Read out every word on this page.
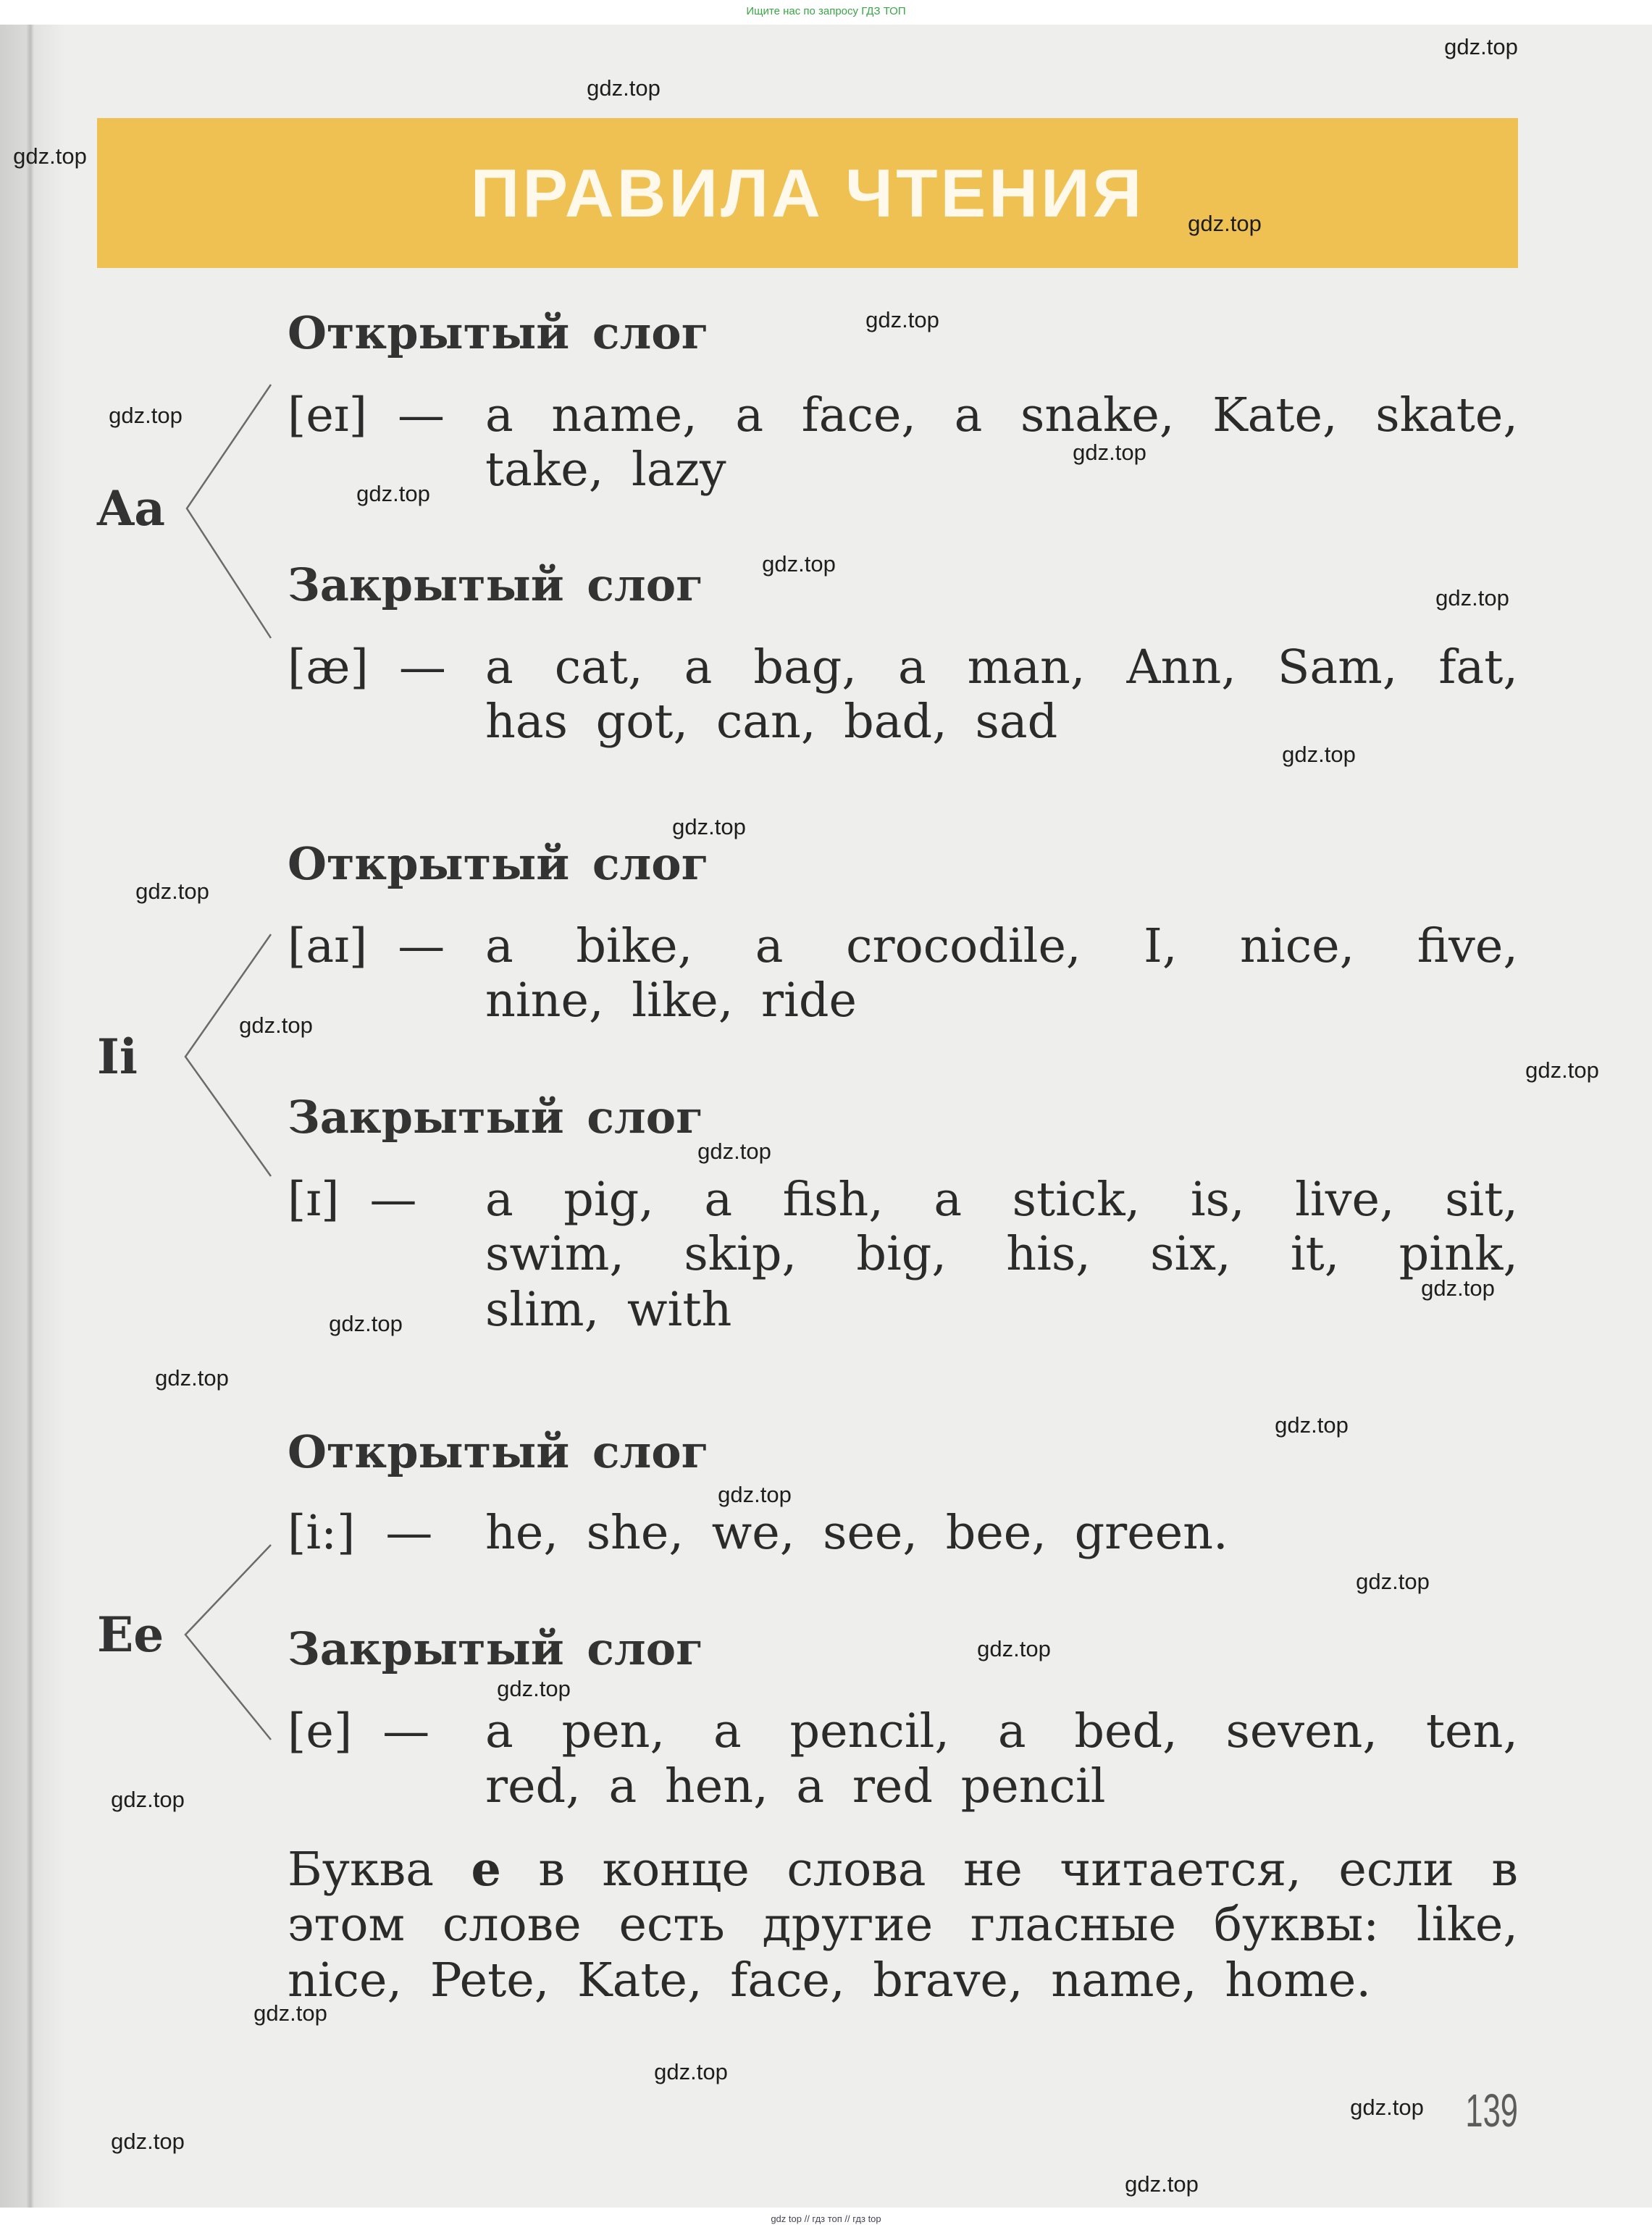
Ищите нас по запросу ГДЗ ТОП
ПРАВИЛА ЧТЕНИЯ
Aa
Открытый слог
[eɪ] — a name, a face, a snake, Kate, skate,
take, lazy
Закрытый слог
[æ] — a cat, a bag, a man, Ann, Sam, fat,
has got, can, bad, sad
Ii
Открытый слог
[aɪ] — a bike, a crocodile, I, nice, five,
nine, like, ride
Закрытый слог
[ɪ] — a pig, a fish, a stick, is, live, sit,
swim, skip, big, his, six, it, pink,
slim, with
Ee
Открытый слог
[i:] — he, she, we, see, bee, green.
Закрытый слог
[e] — a pen, a pencil, a bed, seven, ten,
red, a hen, a red pencil
Буква e в конце слова не читается, если в
этом слове есть другие гласные буквы: like,
nice, Pete, Kate, face, brave, name, home.
139
gdz.top
gdz.top
gdz.top
gdz.top
gdz.top
gdz.top
gdz.top
gdz.top
gdz.top
gdz.top
gdz.top
gdz.top
gdz.top
gdz.top
gdz.top
gdz.top
gdz.top
gdz.top
gdz.top
gdz.top
gdz.top
gdz.top
gdz.top
gdz.top
gdz.top
gdz.top
gdz.top
gdz.top
gdz.top
gdz.top
gdz top // гдз топ // гдз top
